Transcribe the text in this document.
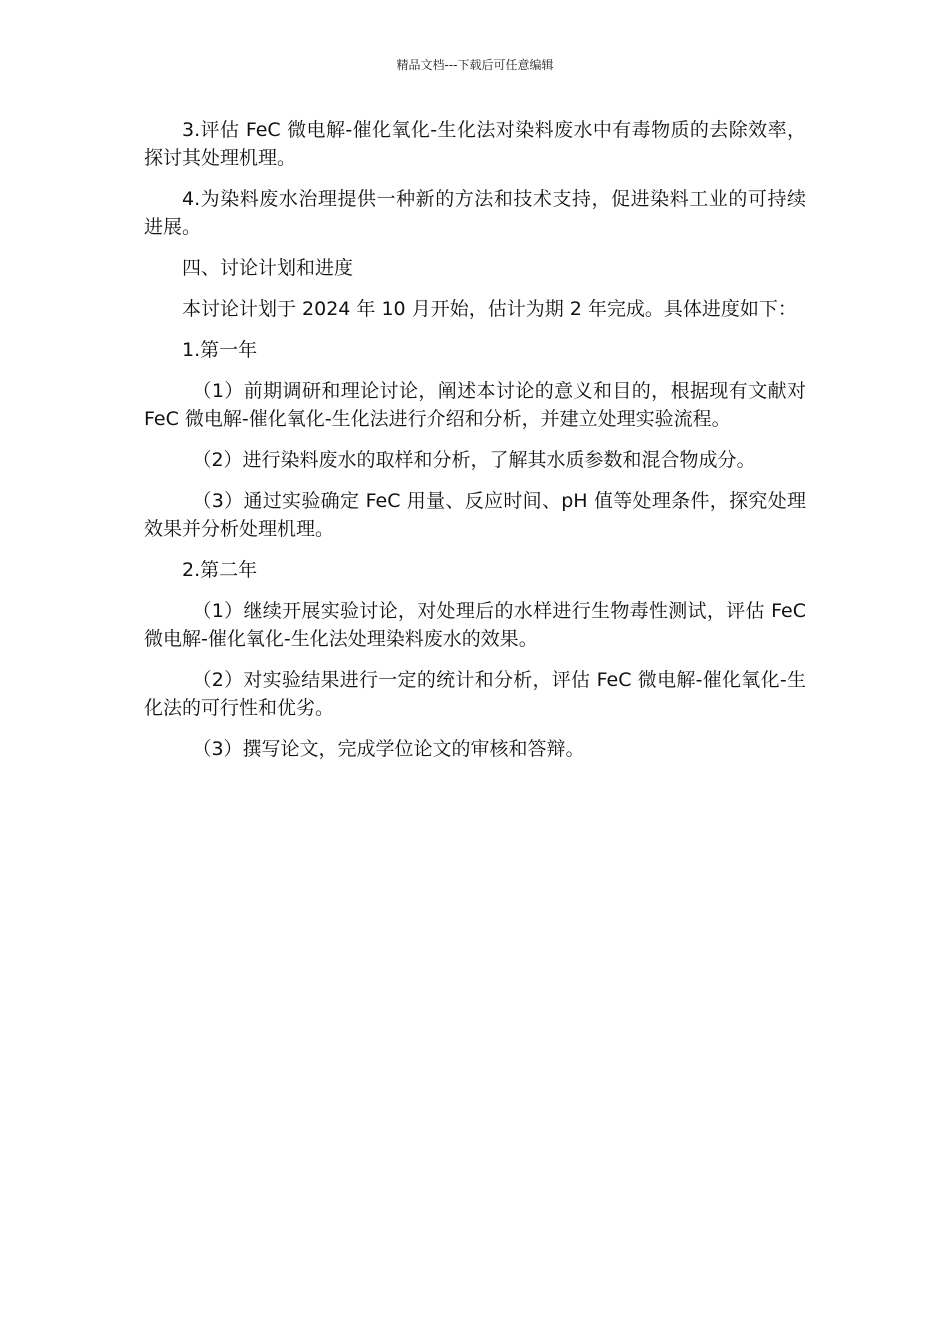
精品文档---下载后可任意编辑

3.评估 FeC 微电解-催化氧化-生化法对染料废水中有毒物质的去除效率，探讨其处理机理。

4.为染料废水治理提供一种新的方法和技术支持，促进染料工业的可持续进展。

四、讨论计划和进度

本讨论计划于 2024 年 10 月开始，估计为期 2 年完成。具体进度如下：

1.第一年

（1）前期调研和理论讨论，阐述本讨论的意义和目的，根据现有文献对 FeC 微电解-催化氧化-生化法进行介绍和分析，并建立处理实验流程。

（2）进行染料废水的取样和分析，了解其水质参数和混合物成分。

（3）通过实验确定 FeC 用量、反应时间、pH 值等处理条件，探究处理效果并分析处理机理。

2.第二年

（1）继续开展实验讨论，对处理后的水样进行生物毒性测试，评估 FeC 微电解-催化氧化-生化法处理染料废水的效果。

（2）对实验结果进行一定的统计和分析，评估 FeC 微电解-催化氧化-生化法的可行性和优劣。

（3）撰写论文，完成学位论文的审核和答辩。
